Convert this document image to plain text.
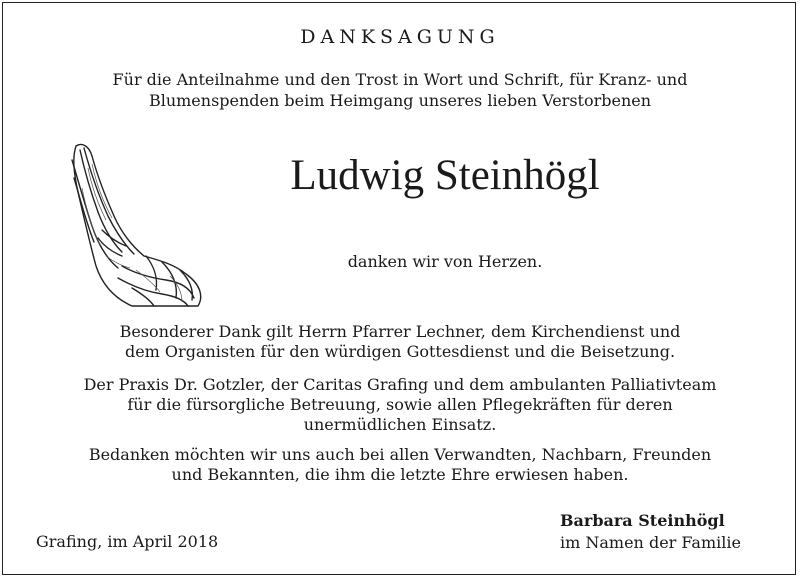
DANKSAGUNG
Für die Anteilnahme und den Trost in Wort und Schrift, für Kranz- und
Blumenspenden beim Heimgang unseres lieben Verstorbenen
Ludwig Steinhögl
danken wir von Herzen.
Besonderer Dank gilt Herrn Pfarrer Lechner, dem Kirchendienst und
dem Organisten für den würdigen Gottesdienst und die Beisetzung.
Der Praxis Dr. Gotzler, der Caritas Grafing und dem ambulanten Palliativteam
für die fürsorgliche Betreuung, sowie allen Pflegekräften für deren
unermüdlichen Einsatz.
Bedanken möchten wir uns auch bei allen Verwandten, Nachbarn, Freunden
und Bekannten, die ihm die letzte Ehre erwiesen haben.
Grafing, im April 2018
Barbara Steinhögl
im Namen der Familie
